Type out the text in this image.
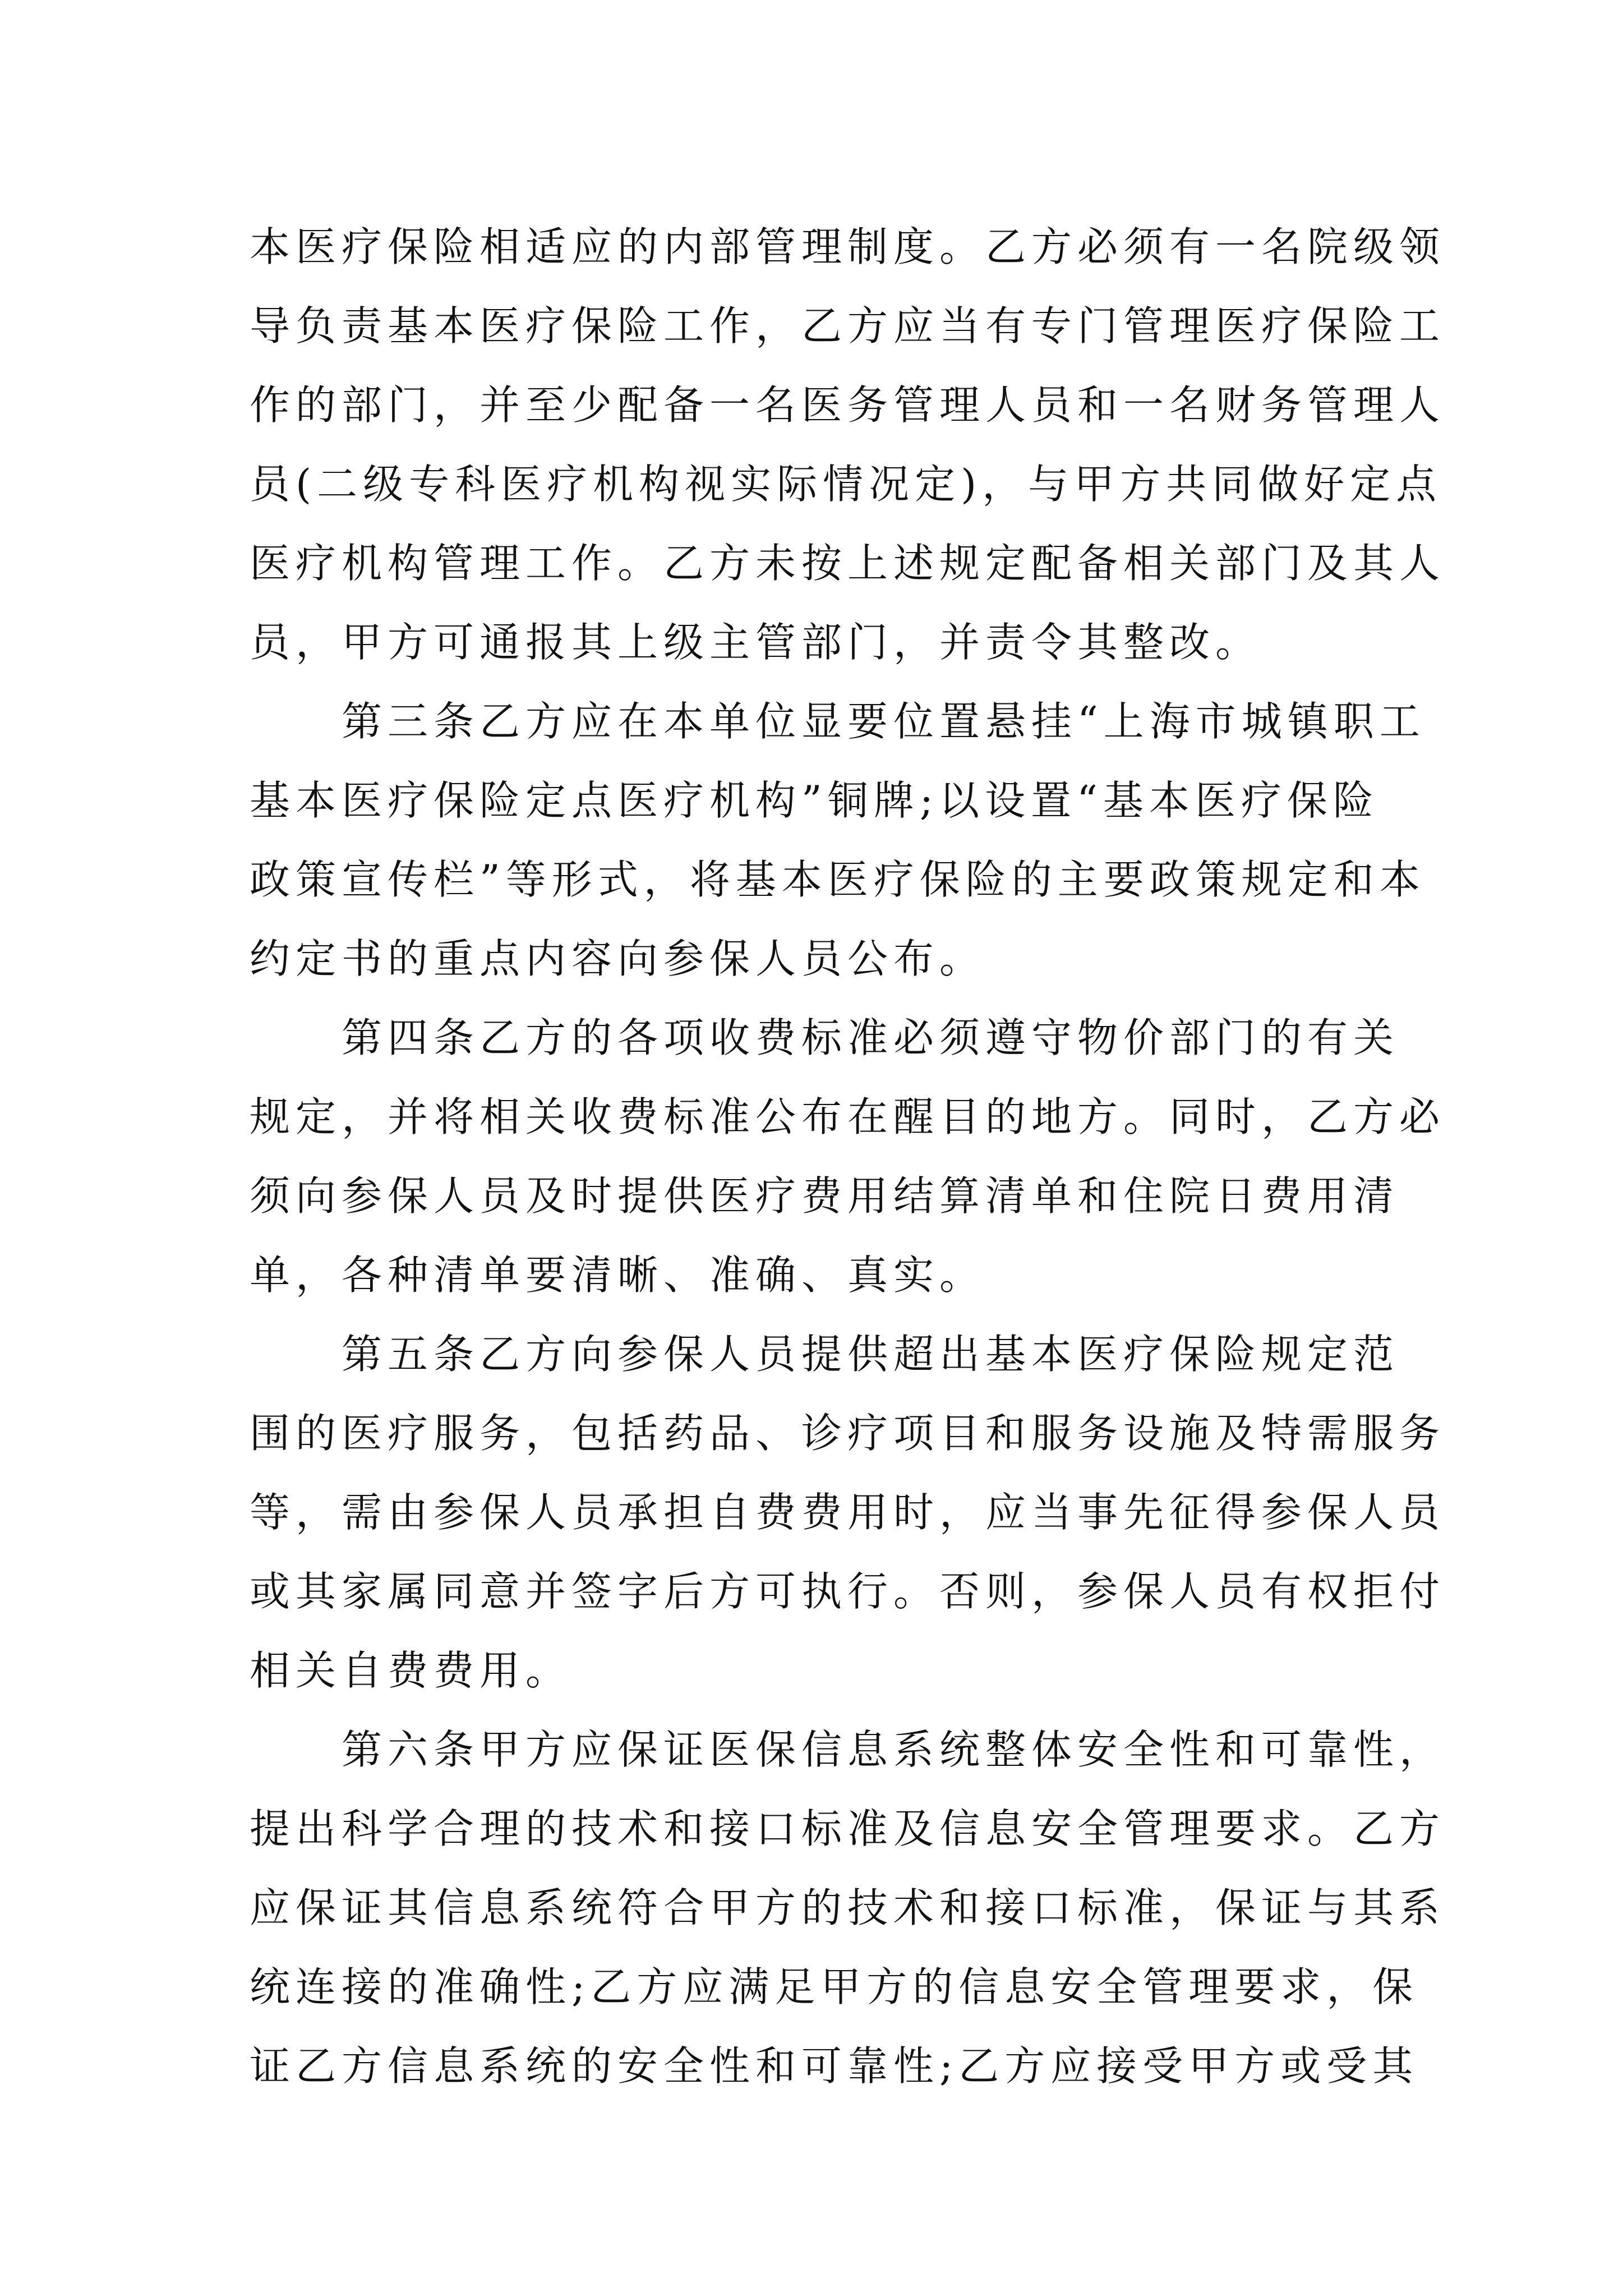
本医疗保险相适应的内部管理制度。乙方必须有一名院级领
导负责基本医疗保险工作，乙方应当有专门管理医疗保险工
作的部门，并至少配备一名医务管理人员和一名财务管理人
员(二级专科医疗机构视实际情况定)，与甲方共同做好定点
医疗机构管理工作。乙方未按上述规定配备相关部门及其人
员，甲方可通报其上级主管部门，并责令其整改。
第三条乙方应在本单位显要位置悬挂“上海市城镇职工
基本医疗保险定点医疗机构”铜牌;以设置“基本医疗保险
政策宣传栏”等形式，将基本医疗保险的主要政策规定和本
约定书的重点内容向参保人员公布。
第四条乙方的各项收费标准必须遵守物价部门的有关
规定，并将相关收费标准公布在醒目的地方。同时，乙方必
须向参保人员及时提供医疗费用结算清单和住院日费用清
单，各种清单要清晰、准确、真实。
第五条乙方向参保人员提供超出基本医疗保险规定范
围的医疗服务，包括药品、诊疗项目和服务设施及特需服务
等，需由参保人员承担自费费用时，应当事先征得参保人员
或其家属同意并签字后方可执行。否则，参保人员有权拒付
相关自费费用。
第六条甲方应保证医保信息系统整体安全性和可靠性，
提出科学合理的技术和接口标准及信息安全管理要求。乙方
应保证其信息系统符合甲方的技术和接口标准，保证与其系
统连接的准确性;乙方应满足甲方的信息安全管理要求，保
证乙方信息系统的安全性和可靠性;乙方应接受甲方或受其
